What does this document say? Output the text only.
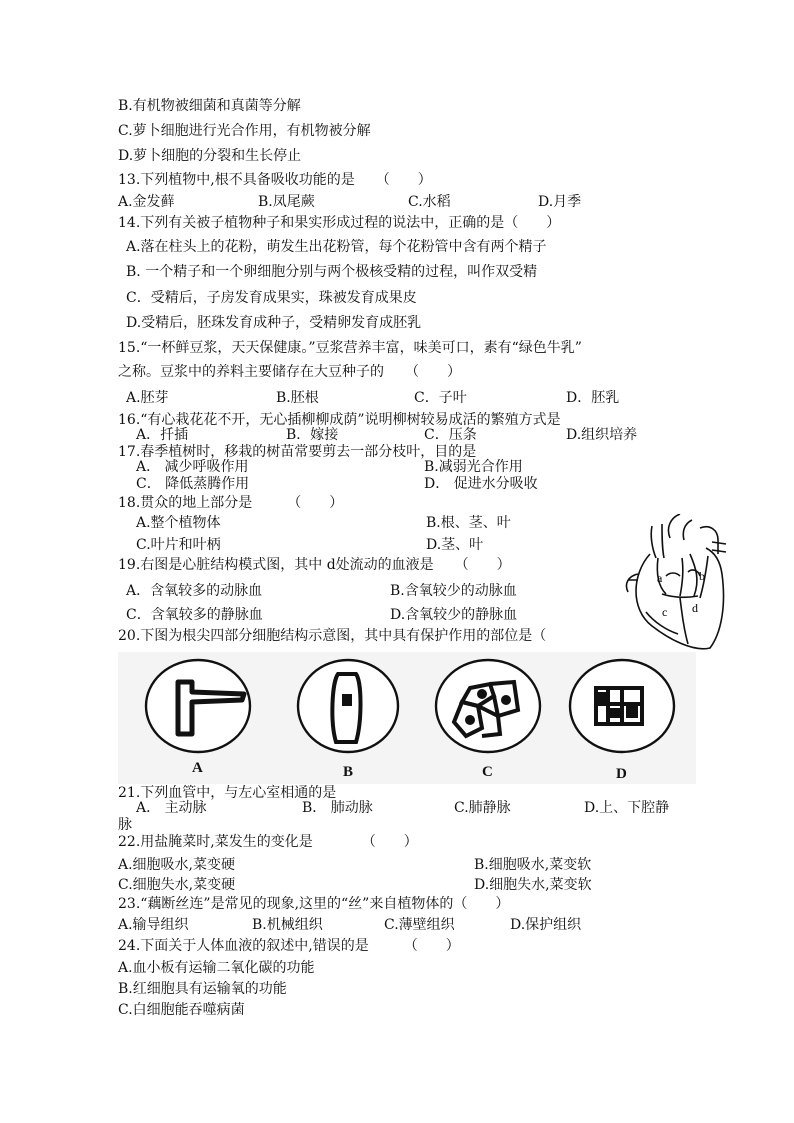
B.有机物被细菌和真菌等分解
C.萝卜细胞进行光合作用，有机物被分解
D.萝卜细胞的分裂和生长停止
13.下列植物中,根不具备吸收功能的是　　（　　）
A.金发藓	B.凤尾蕨	C.水稻	D.月季
14.下列有关被子植物种子和果实形成过程的说法中，正确的是（　　）
A.落在柱头上的花粉，萌发生出花粉管，每个花粉管中含有两个精子
B. 一个精子和一个卵细胞分别与两个极核受精的过程，叫作双受精
C．受精后，子房发育成果实，珠被发育成果皮
D.受精后，胚珠发育成种子，受精卵发育成胚乳
15.“一杯鲜豆浆，天天保健康。”豆浆营养丰富，味美可口，素有“绿色牛乳”
之称。豆浆中的养料主要储存在大豆种子的　　（　　）
A.胚芽	B.胚根	C．子叶	D．胚乳
16.“有心栽花花不开，无心插柳柳成荫”说明柳树较易成活的繁殖方式是
A．扦插	B．嫁接	C．压条	D.组织培养
17.春季植树时，移栽的树苗常要剪去一部分枝叶，目的是
A． 减少呼吸作用	B.减弱光合作用
C． 降低蒸腾作用	D． 促进水分吸收
18.贯众的地上部分是　　　（　　）
A.整个植物体	B.根、茎、叶
C.叶片和叶柄	D.茎、叶
19.右图是心脏结构模式图，其中 d处流动的血液是　　（　　）
A．含氧较多的动脉血	B.含氧较少的动脉血
C．含氧较多的静脉血	D.含氧较少的静脉血
a	b
c d
20.下图为根尖四部分细胞结构示意图，其中具有保护作用的部位是（
A	B	C	D
21.下列血管中，与左心室相通的是
A． 主动脉	B． 肺动脉	C.肺静脉	D.上、下腔静
脉
22.用盐腌菜时,菜发生的变化是　　　　（　　）
A.细胞吸水,菜变硬	B.细胞吸水,菜变软
C.细胞失水,菜变硬	D.细胞失水,菜变软
23.“藕断丝连”是常见的现象,这里的“丝”来自植物体的（　　）
A.输导组织	B.机械组织	C.薄壁组织	D.保护组织
24.下面关于人体血液的叙述中,错误的是　　　（　　）
A.血小板有运输二氧化碳的功能
B.红细胞具有运输氧的功能
C.白细胞能吞噬病菌
